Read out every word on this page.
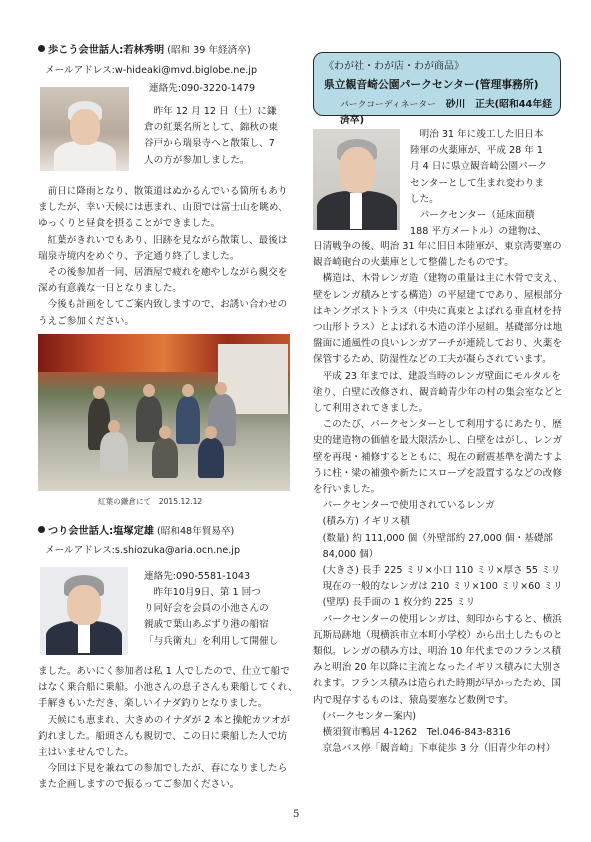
歩こう会世話人:若林秀明 (昭和 39 年経済卒)
メールアドレス:w-hideaki@mvd.biglobe.ne.jp
連絡先:090-3220-1479

昨年 12 月 12 日（土）に鎌

倉の紅葉名所として、錦秋の東

谷戸から瑞泉寺へと散策し、7

人の方が参加しました。

前日に降雨となり、散策道はぬかるんでいる箇所もあり

ましたが、幸い天候には恵まれ、山頂では富士山を眺め、

ゆっくりと昼食を摂ることができました。

紅葉がきれいでもあり、旧跡を見ながら散策し、最後は

瑞泉寺境内をめぐり、予定通り終了しました。

その後参加者一同、居酒屋で疲れを癒やしながら親交を

深め有意義な一日となりました。

今後も計画をしてご案内致しますので、お誘い合わせの

うえご参加ください。

紅葉の鎌倉にて　2015.12.12
つり会世話人:塩塚定雄 (昭和48年貿易卒)
メールアドレス:s.shiozuka@aria.ocn.ne.jp
連絡先:090-5581-1043

昨年10月9日、第 1 回つ

り同好会を会員の小池さんの

親戚で葉山あぶずり港の船宿

「与兵衛丸」を利用して開催し

ました。あいにく参加者は私 1 人でしたので、仕立て船で

はなく乗合船に乗船。小池さんの息子さんも乗船してくれ、

手解きもいただき、楽しいイナダ釣りとなりました。

天候にも恵まれ、大きめのイナダが 2 本と操舵カツオが

釣れました。船頭さんも親切で、この日に乗船した人で坊

主はいませんでした。

今回は下見を兼ねての参加でしたが、春になりましたら

また企画しますので振るってご参加ください。

《わが社・わが店・わが商品》
県立観音崎公園パークセンター(管理事務所)
パークコーディネーター　 砂川　正夫(昭和44年経済卒)

明治 31 年に竣工した旧日本

陸軍の火薬庫が、平成 28 年 1

月 4 日に県立観音崎公園パーク

センターとして生まれ変わりま

した。

パークセンター（延床面積

188 平方メートル）の建物は、

日清戦争の後、明治 31 年に旧日本陸軍が、東京湾要塞の

観音崎砲台の火薬庫として整備したものです。

構造は、木骨レンガ造（建物の重量は主に木骨で支え、

壁をレンガ積みとする構造）の平屋建てであり、屋根部分

はキングポストトラス（中央に真束とよばれる垂直材を持

つ山形トラス）とよばれる木造の洋小屋組。基礎部分は地

盤面に通風性の良いレンガアーチが連続しており、火薬を

保管するため、防湿性などの工夫が凝らされています。

平成 23 年までは、建設当時のレンガ壁面にモルタルを

塗り、白壁に改修され、観音崎青少年の村の集会室などと

して利用されてきました。

このたび、パークセンターとして利用するにあたり、歴

史的建造物の価値を最大限活かし、白壁をはがし、レンガ

壁を再現・補修するとともに、現在の耐震基準を満たすよ

うに柱・梁の補強や新たにスロープを設置するなどの改修

を行いました。

パークセンターで使用されているレンガ

(積み方) イギリス積

(数量) 約 111,000 個（外壁部約 27,000 個・基礎部

84,000 個）

(大きさ) 長手 225 ミリ×小口 110 ミリ×厚さ 55 ミリ

現在の一般的なレンガは 210 ミリ×100 ミリ×60 ミリ

(壁厚) 長手面の 1 枚分約 225 ミリ

パークセンターの使用レンガは、刻印からすると、横浜

瓦斯局跡地（現横浜市立本町小学校）から出土したものと

類似。レンガの積み方は、明治 10 年代までのフランス積

みと明治 20 年以降に主流となったイギリス積みに大別さ

れます。フランス積みは造られた時期が早かったため、国

内で現存するものは、猿島要塞など数例です。

(パークセンター案内)

横須賀市鴨居 4-1262　Tel.046-843-8316

京急バス停「観音崎」下車徒歩 3 分（旧青少年の村）

5
